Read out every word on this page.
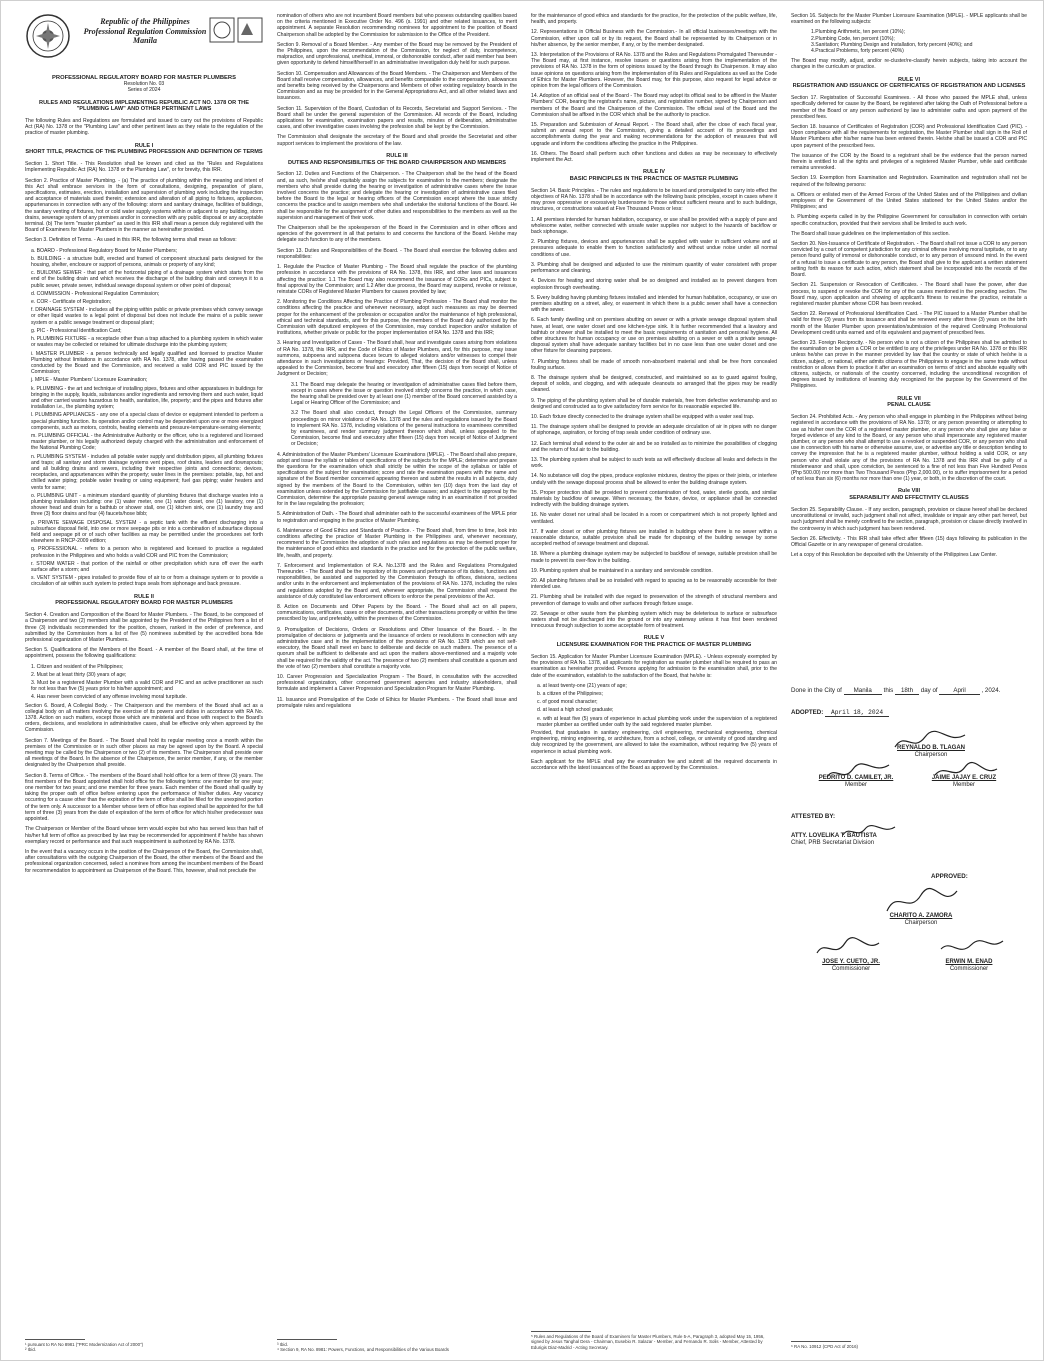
Republic of the Philippines
Professional Regulation Commission
Manila
PROFESSIONAL REGULATORY BOARD FOR MASTER PLUMBERS
Resolution No. 03
Series of 2024
RULES AND REGULATIONS IMPLEMENTING REPUBLIC ACT NO. 1378 OR THE "PLUMBING LAW" AND OTHER PERTINENT LAWS

The following Rules and Regulations are formulated and issued to carry out the provisions of Republic Act (RA) No. 1378 or the "Plumbing Law" and other pertinent laws as they relate to the regulation of the practice of master plumbing.

RULE I
SHORT TITLE, PRACTICE OF THE PLUMBING PROFESSION AND DEFINITION OF TERMS

Section 1. Short Title. - This Resolution shall be known and cited as the "Rules and Regulations Implementing Republic Act (RA) No. 1378 or the Plumbing Law", or for brevity, this IRR.

Section 2. Practice of Master Plumbing. - (a) The practice of plumbing within the meaning and intent of this Act shall embrace services in the form of consultations, designing, preparation of plans, specifications, estimates, erection, installation and supervision of plumbing work including the inspection and acceptance of materials used therein; extension and alteration of all piping to fixtures, appliances, appurtenances in connection with any of the following: storm and sanitary drainage, facilities of buildings, the sanitary venting of fixtures, hot or cold water supply systems within or adjacent to any building, storm drains, sewerage system of any premises and/or in connection with any public disposal or any acceptable terminal. (b) The term "master plumber" as used in this IRR shall mean a person duly registered with the Board of Examiners for Master Plumbers in the manner as hereinafter provided.

Section 3. Definition of Terms. - As used in this IRR, the following terms shall mean as follows:

a. BOARD - Professional Regulatory Board for Master Plumbers;
b. BUILDING - a structure built, erected and framed of component structural parts designed for the housing, shelter, enclosure or support of persons, animals or property of any kind;
c. BUILDING SEWER - that part of the horizontal piping of a drainage system which starts from the end of the building drain and which receives the discharge of the building drain and conveys it to a public sewer, private sewer, individual sewage disposal system or other point of disposal;
d. COMMISSION - Professional Regulation Commission;
e. COR - Certificate of Registration;
f. DRAINAGE SYSTEM - includes all the piping within public or private premises which convey sewage or other liquid wastes to a legal point of disposal but does not include the mains of a public sewer system or a public sewage treatment or disposal plant;
g. PIC - Professional Identification Card;
h. PLUMBING FIXTURE - a receptacle other than a trap attached to a plumbing system in which water or wastes may be collected or retained for ultimate discharge into the plumbing system;
i. MASTER PLUMBER - a person technically and legally qualified and licensed to practice Master Plumbing without limitations in accordance with RA No. 1378, after having passed the examination conducted by the Board and the Commission, and received a valid COR and PIC issued by the Commission;
j. MPLE - Master Plumbers' Licensure Examination;
k. PLUMBING - the art and technique of installing pipes, fixtures and other apparatuses in buildings for bringing in the supply, liquids, substances and/or ingredients and removing them and such water, liquid and other carried wastes hazardous to health, sanitation, life, property; and the pipes and fixtures after installation i.e., the plumbing system;
l. PLUMBING APPLIANCES - any one of a special class of device or equipment intended to perform a special plumbing function. Its operation and/or control may be dependent upon one or more energized components, such as motors, controls, heating elements and pressure-temperature-sensing elements;
m. PLUMBING OFFICIAL - the Administrative Authority or the officer, who is a registered and licensed master plumber, or his legally authorized deputy charged with the administration and enforcement of the National Plumbing Code;
n. PLUMBING SYSTEM - includes all potable water supply and distribution pipes, all plumbing fixtures and traps; all sanitary and storm drainage systems vent pipes, roof drains, leaders and downspouts; and all building drains and sewers, including their respective joints and connections; devices, receptacles, and appurtenances within the property; water lines in the premises: potable, tap, hot and chilled water piping; potable water treating or using equipment; fuel gas piping; water heaters and vents for same;
o. PLUMBING UNIT - a minimum standard quantity of plumbing fixtures that discharge wastes into a plumbing installation including: one (1) water meter, one (1) water closet, one (1) lavatory, one (1) shower head and drain for a bathtub or shower stall, one (1) kitchen sink, one (1) laundry tray and three (3) floor drains and four (4) faucets/hose bibb;
p. PRIVATE SEWAGE DISPOSAL SYSTEM - a septic tank with the effluent discharging into a subsurface disposal field, into one or more seepage pits or into a combination of subsurface disposal field and seepage pit or of such other facilities as may be permitted under the procedures set forth elsewhere in RNCP-2009 edition;
q. PROFESSIONAL - refers to a person who is registered and licensed to practice a regulated profession in the Philippines and who holds a valid COR and PIC from the Commission;
r. STORM WATER - that portion of the rainfall or other precipitation which runs off over the earth surface after a storm; and
s. VENT SYSTEM - pipes installed to provide flow of air to or from a drainage system or to provide a circulation of air within such system to protect traps seals from siphonage and back pressure.
RULE II
PROFESSIONAL REGULATORY BOARD FOR MASTER PLUMBERS

Section 4. Creation and Composition of the Board for Master Plumbers. - The Board, to be composed of a Chairperson and two (2) members shall be appointed by the President of the Philippines from a list of three (3) individuals recommended for the position, chosen, ranked in the order of preference, and submitted by the Commission from a list of five (5) nominees submitted by the accredited bona fide professional organization of Master Plumbers.

Section 5. Qualifications of the Members of the Board. - A member of the Board shall, at the time of appointment, possess the following qualifications:

1. Citizen and resident of the Philippines;
2. Must be at least thirty (30) years of age;
3. Must be a registered Master Plumber with a valid COR and PIC and an active practitioner as such for not less than five (5) years prior to his/her appointment; and
4. Has never been convicted of any offense involving moral turpitude.

Section 6. Board, A Collegial Body. - The Chairperson and the members of the Board shall act as a collegial body on all matters involving the exercise of its powers and duties in accordance with RA No. 1378. Action on such matters, except those which are ministerial and those with respect to the Board's orders, decisions, and resolutions in administrative cases, shall be effective only when approved by the Commission.

Section 7. Meetings of the Board. - The Board shall hold its regular meeting once a month within the premises of the Commission or in such other places as may be agreed upon by the Board. A special meeting may be called by the Chairperson or two (2) of its members. The Chairperson shall preside over all meetings of the Board. In the absence of the Chairperson, the senior member, if any, or the member designated by the Chairperson shall preside.

Section 8. Terms of Office. - The members of the Board shall hold office for a term of three (3) years. The first members of the Board appointed shall hold office for the following terms: one member for one year; one member for two years; and one member for three years. Each member of the Board shall qualify by taking the proper oath of office before entering upon the performance of his/her duties. Any vacancy occurring for a cause other than the expiration of the term of office shall be filled for the unexpired portion of the term only. A successor to a Member whose term of office has expired shall be appointed for the full term of three (3) years from the date of expiration of the term of office for which his/her predecessor was appointed.

The Chairperson or Member of the Board whose term would expire but who has served less than half of his/her full term of office as prescribed by law may be recommended for appointment if he/she has shown exemplary record or performance and that such reappointment is authorized by RA No. 1378.

In the event that a vacancy occurs in the position of the Chairperson of the Board, the Commission shall, after consultations with the outgoing Chairperson of the Board, the other members of the Board and the professional organization concerned, select a nominee from among the incumbent members of the Board for recommendation to appointment as Chairperson of the Board. This, however, shall not preclude the

¹ pursuant to RA No 8981 ("PRC Modernization Act of 2000")
² Ibid.

nomination of others who are not incumbent Board members but who possess outstanding qualities based on the criteria mentioned in Executive Order No. 496 (s. 1991) and other related issuances, to merit appointment. A separate Resolution recommending nominees for appointment to the position of Board Chairperson shall be adopted by the Commission for submission to the Office of the President.

Section 9. Removal of a Board Member. - Any member of the Board may be removed by the President of the Philippines, upon the recommendation of the Commission, for neglect of duty, incompetence, malpractice, and unprofessional, unethical, immoral, or dishonorable conduct, after said member has been given opportunity to defend himself/herself in an administrative investigation duly held for such purpose.

Section 10. Compensation and Allowances of the Board Members. - The Chairperson and Members of the Board shall receive compensation, allowances, and benefits comparable to the compensation, allowances and benefits being received by the Chairpersons and Members of other existing regulatory boards in the Commission and as may be provided for in the General Appropriations Act, and all other related laws and issuances.

Section 11. Supervision of the Board, Custodian of its Records, Secretariat and Support Services. - The Board shall be under the general supervision of the Commission. All records of the Board, including applications for examination, examination papers and results, minutes of deliberation, administrative cases, and other investigative cases involving the profession shall be kept by the Commission.

The Commission shall designate the secretary of the Board and shall provide the Secretariat and other support services to implement the provisions of the law.

RULE III
DUTIES AND RESPONSIBILITIES OF THE BOARD CHAIRPERSON AND MEMBERS

Section 12. Duties and Functions of the Chairperson. - The Chairperson shall be the head of the Board and, as such, he/she shall equitably assign the subjects for examination to the members; designate the members who shall preside during the hearing or investigation of administrative cases where the issue involved concerns the practice; and delegate the hearing or investigation of administrative cases filed before the Board to the legal or hearing officers of the Commission except where the issue strictly concerns the practice and to assign members who shall undertake the visitorial functions of the Board. He shall be responsible for the assignment of other duties and responsibilities to the members as well as the supervision and management of their work.

The Chairperson shall be the spokesperson of the Board in the Commission and in other offices and agencies of the government in all that pertains to and concerns the functions of the Board. He/she may delegate such function to any of the members.

Section 13. Duties and Responsibilities of the Board. - The Board shall exercise the following duties and responsibilities:

1. Regulate the Practice of Master Plumbing - The Board shall regulate the practice of the plumbing profession in accordance with the provisions of RA No. 1378, this IRR, and other laws and issuances affecting the practice: 1.1 The Board may also recommend the issuance of CORs and PICs, subject to final approval by the Commission; and 1.2 After due process, the Board may suspend, revoke or reissue, reinstate CORs of Registered Master Plumbers for causes provided by law;

2. Monitoring the Conditions Affecting the Practice of Plumbing Profession - The Board shall monitor the conditions affecting the practice and whenever necessary, adopt such measures as may be deemed proper for the enhancement of the profession or occupation and/or the maintenance of high professional, ethical and technical standards, and for this purpose, the members of the Board duly authorized by the Commission with deputized employees of the Commission, may conduct inspection and/or visitation of institutions, whether private or public for the proper implementation of RA No. 1378 and this IRR;

3. Hearing and Investigation of Cases - The Board shall, hear and investigate cases arising from violations of RA No. 1378, this IRR, and the Code of Ethics of Master Plumbers, and, for this purpose, may issue summons, subpoena and subpoena duces tecum to alleged violators and/or witnesses to compel their attendance in such investigations or hearings: Provided, That, the decision of the Board shall, unless appealed to the Commission, become final and executory after fifteen (15) days from receipt of Notice of Judgment or Decision;

3.1 The Board may delegate the hearing or investigation of administrative cases filed before them, except in cases where the issue or question involved strictly concerns the practice, in which case, the hearing shall be presided over by at least one (1) member of the Board concerned assisted by a Legal or Hearing Officer of the Commission; and

3.2 The Board shall also conduct, through the Legal Officers of the Commission, summary proceedings on minor violations of RA No. 1378 and the rules and regulations issued by the Board to implement RA No. 1378, including violations of the general instructions to examinees committed by examinees, and render summary judgment thereon which shall, unless appealed to the Commission, become final and executory after fifteen (15) days from receipt of Notice of Judgment or Decision;

4. Administration of the Master Plumbers' Licensure Examinations (MPLE). - The Board shall also prepare, adopt and issue the syllabi or tables of specifications of the subjects for the MPLE; determine and prepare the questions for the examination which shall strictly be within the scope of the syllabus or table of specifications of the subject for examination; score and rate the examination papers with the name and signature of the Board member concerned appearing thereon and submit the results in all subjects, duly signed by the members of the Board to the Commission, within ten (10) days from the last day of examination unless extended by the Commission for justifiable causes; and subject to the approval by the Commission, determine the appropriate passing general average rating in an examination if not provided for in the law regulating the profession;

5. Administration of Oath. - The Board shall administer oath to the successful examinees of the MPLE prior to registration and engaging in the practice of Master Plumbing.

6. Maintenance of Good Ethics and Standards of Practice. - The Board shall, from time to time, look into conditions affecting the practice of Master Plumbing in the Philippines and, whenever necessary, recommend to the Commission the adoption of such rules and regulations as may be deemed proper for the maintenance of good ethics and standards in the practice and for the protection of the public welfare, life, health, and property.

7. Enforcement and Implementation of R.A. No.1378 and the Rules and Regulations Promulgated Thereunder. - The Board shall be the repository of its powers and performance of its duties, functions and responsibilities, be assisted and supported by the Commission through its offices, divisions, sections and/or units in the enforcement and implementation of the provisions of RA No. 1378, including the rules and regulations adopted by the Board and, whenever appropriate, the Commission shall request the assistance of duly constituted law enforcement officers to enforce the penal provisions of the Act.

8. Action on Documents and Other Papers by the Board. - The Board shall act on all papers, communications, certificates, cases or other documents, and other transactions promptly or within the time prescribed by law, and preferably, within the premises of the Commission.

9. Promulgation of Decisions, Orders or Resolutions and Other Issuance of the Board. - In the promulgation of decisions or judgments and the issuance of orders or resolutions in connection with any administrative case and in the implementation of the provisions of RA No. 1378 which are not self-executory, the Board shall meet en banc to deliberate and decide on such matters. The presence of a quorum shall be sufficient to deliberate and act upon the matters above-mentioned and a majority vote shall be required for the validity of the act. The presence of two (2) members shall constitute a quorum and the vote of two (2) members shall constitute a majority vote.

10. Career Progression and Specialization Program - The Board, in consultation with the accredited professional organization, other concerned government agencies and industry stakeholders, shall formulate and implement a Career Progression and Specialization Program for Master Plumbing.

11. Issuance and Promulgation of the Code of Ethics for Master Plumbers. - The Board shall issue and promulgate rules and regulations

³ Ibid.
⁴ Section 9, RA No. 8981: Powers, Functions, and Responsibilities of the Various Boards

for the maintenance of good ethics and standards for the practice, for the protection of the public welfare, life, health, and property.

12. Representations in Official Business with the Commission.- In all official businesses/meetings with the Commission, either upon call or by its request, the Board shall be represented by its Chairperson or in his/her absence, by the senior member, if any, or by the member designated.

13. Interpretation of the Provisions of RA No. 1378 and the Rules and Regulations Promulgated Thereunder - The Board may, at first instance, resolve issues or questions arising from the implementation of the provisions of RA No. 1378 in the form of opinions issued by the Board through its Chairperson. It may also issue opinions on questions arising from the implementation of its Rules and Regulations as well as the Code of Ethics for Master Plumbers. However, the Board may, for this purpose, also request for legal advice or opinion from the legal officers of the Commission.

14. Adoption of an official seal of the Board - The Board may adopt its official seal to be affixed in the Master Plumbers' COR, bearing the registrant's name, picture, and registration number, signed by Chairperson and members of the Board and the Chairperson of the Commission. The official seal of the Board and the Commission shall be affixed in the COR which shall be the authority to practice.

15. Preparation and Submission of Annual Report. - The Board shall, after the close of each fiscal year, submit an annual report to the Commission, giving a detailed account of its proceedings and accomplishments during the year and making recommendations for the adoption of measures that will upgrade and inform the conditions affecting the practice in the Philippines.

16. Others. The Board shall perform such other functions and duties as may be necessary to effectively implement the Act.

RULE IV
BASIC PRINCIPLES IN THE PRACTICE OF MASTER PLUMBING

Section 14. Basic Principles. - The rules and regulations to be issued and promulgated to carry into effect the objectives of RA No. 1378 shall be in accordance with the following basic principles, except in cases where it may prove oppressive or excessively burdensome to those without sufficient means and to such buildings, structures, or constructions valued at Five Thousand Pesos or less:

1. All premises intended for human habitation, occupancy, or use shall be provided with a supply of pure and wholesome water, neither connected with unsafe water supplies nor subject to the hazards of backflow or back siphonage.

2. Plumbing fixtures, devices and appurtenances shall be supplied with water in sufficient volume and at pressures adequate to enable them to function satisfactorily and without undue noise under all normal conditions of use.

3. Plumbing shall be designed and adjusted to use the minimum quantity of water consistent with proper performance and cleaning.

4. Devices for heating and storing water shall be so designed and installed as to prevent dangers from explosion through overheating.

5. Every building having plumbing fixtures installed and intended for human habitation, occupancy, or use on premises abutting on a street, alley, or easement in which there is a public sewer shall have a connection with the sewer.

6. Each family dwelling unit on premises abutting on sewer or with a private sewage disposal system shall have, at least, one water closet and one kitchen-type sink. It is further recommended that a lavatory and bathtub or shower shall be installed to meet the basic requirements of sanitation and personal hygiene. All other structures for human occupancy or use on premises abutting on a sewer or with a private sewage-disposal system shall have adequate sanitary facilities but in no case less than one water closet and one other fixture for cleansing purposes.

7. Plumbing fixtures shall be made of smooth non-absorbent material and shall be free from concealed fouling surface.

8. The drainage system shall be designed, constructed, and maintained so as to guard against fouling, deposit of solids, and clogging, and with adequate cleanouts so arranged that the pipes may be readily cleaned.

9. The piping of the plumbing system shall be of durable materials, free from defective workmanship and so designed and constructed as to give satisfactory form service for its reasonable expected life.

10. Each fixture directly connected to the drainage system shall be equipped with a water seal trap.

11. The drainage system shall be designed to provide an adequate circulation of air in pipes with no danger of siphonage, aspiration, or forcing of trap seals under condition of ordinary use.

12. Each terminal shall extend to the outer air and be so installed as to minimize the possibilities of clogging and the return of foul air to the building.

13. The plumbing system shall be subject to such tests as will effectively disclose all leaks and defects in the work.

14. No substance will clog the pipes, produce explosive mixtures, destroy the pipes or their joints, or interfere unduly with the sewage disposal process shall be allowed to enter the building drainage system.

15. Proper protection shall be provided to prevent contamination of food, water, sterile goods, and similar materials by backflow of sewage. When necessary, the fixture, device, or appliance shall be connected indirectly with the building drainage system.

16. No water closet nor urinal shall be located in a room or compartment which is not properly lighted and ventilated.

17. If water closet or other plumbing fixtures are installed in buildings where there is no sewer within a reasonable distance, suitable provision shall be made for disposing of the building sewage by some accepted method of sewage treatment and disposal.

18. Where a plumbing drainage system may be subjected to backflow of sewage, suitable provision shall be made to prevent its over-flow in the building.

19. Plumbing system shall be maintained in a sanitary and serviceable condition.

20. All plumbing fixtures shall be so installed with regard to spacing as to be reasonably accessible for their intended use.

21. Plumbing shall be installed with due regard to preservation of the strength of structural members and prevention of damage to walls and other surfaces through fixture usage.

22. Sewage or other waste from the plumbing system which may be deleterious to surface or subsurface waters shall not be discharged into the ground or into any waterway unless it has first been rendered innocuous through subjection to some acceptable form of treatment.

RULE V
LICENSURE EXAMINATION FOR THE PRACTICE OF MASTER PLUMBING

Section 15. Application for Master Plumber Licensure Examination (MPLE). - Unless expressly exempted by the provisions of RA No. 1378, all applicants for registration as master plumber shall be required to pass an examination as hereinafter provided. Persons applying for admission to the examination shall, prior to the date of the examination, establish to the satisfaction of the Board, that he/she is:

a. at least twenty-one (21) years of age;
b. a citizen of the Philippines;
c. of good moral character;
d. at least a high school graduate;
e. with at least five (5) years of experience in actual plumbing work under the supervision of a registered master plumber as certified under oath by the said registered master plumber.

Provided, that graduates in sanitary engineering, civil engineering, mechanical engineering, chemical engineering, mining engineering, or architecture, from a school, college, or university of good standing and duly recognized by the government, are allowed to take the examination, without requiring five (5) years of experience in actual plumbing work.

Each applicant for the MPLE shall pay the examination fee and submit all the required documents in accordance with the latest issuances of the Board as approved by the Commission.

⁵ Rules and Regulations of the Board of Examiners for Master Plumbers, Rule 5-A, Paragraph 3, adopted May 15, 1956, signed by Jesus Tanghal Dera - Chairman, Eusebio R. Salazar - Member, and Fernando R. Solis - Member, Attested by Edurigis Diaz-Madrid - Acting Secretary.

Section 16. Subjects for the Master Plumber Licensure Examination (MPLE). - MPLE applicants shall be examined on the following subjects:

1.Plumbing Arithmetic, ten percent (10%);
2.Plumbing Code, ten percent (10%);
3.Sanitation; Plumbing Design and Installation, forty percent (40%); and
4.Practical Problems, forty percent (40%)

The Board may modify, adjust, and/or re-cluster/re-classify herein subjects, taking into account the changes in the curriculum or practice.

RULE VI
REGISTRATION AND ISSUANCE OF CERTIFICATES OF REGISTRATION AND LICENSES

Section 17. Registration of Successful Examinees. - All those who passed the MPLE shall, unless specifically deferred for cause by the Board, be registered after taking the Oath of Professional before a member of the Board or any person authorized by law to administer oaths and upon payment of the prescribed fees.

Section 18. Issuance of Certificates of Registration (COR) and Professional Identification Card (PIC). - Upon compliance with all the requirements for registration, the Master Plumber shall sign in the Roll of Master Plumbers after his/her name has been entered therein. He/she shall be issued a COR and PIC upon payment of the prescribed fees.

The issuance of the COR by the Board to a registrant shall be the evidence that the person named therein is entitled to all the rights and privileges of a registered Master Plumber, while said certificate remains unrevoked.

Section 19. Exemption from Examination and Registration. Examination and registration shall not be required of the following persons:

a. Officers or enlisted men of the Armed Forces of the United States and of the Philippines and civilian employees of the Government of the United States stationed for the United States and/or the Philippines; and

b. Plumbing experts called in by the Philippine Government for consultation in connection with certain specific construction, provided that their services shall be limited to such work.

The Board shall issue guidelines on the implementation of this section.

Section 20. Non-Issuance of Certificate of Registration. - The Board shall not issue a COR to any person convicted by a court of competent jurisdiction for any criminal offense involving moral turpitude, or to any person found guilty of immoral or dishonorable conduct, or to any person of unsound mind. In the event of a refusal to issue a certificate to any person, the Board shall give to the applicant a written statement setting forth its reason for such action, which statement shall be incorporated into the records of the Board.

Section 21. Suspension or Revocation of Certificates. - The Board shall have the power, after due process, to suspend or revoke the COR for any of the causes mentioned in the preceding section. The Board may, upon application and showing of applicant's fitness to resume the practice, reinstate a registered master plumber whose COR has been revoked.

Section 22. Renewal of Professional Identification Card. - The PIC issued to a Master Plumber shall be valid for three (3) years from its issuance and shall be renewed every after three (3) years on the birth month of the Master Plumber upon presentation/submission of the required Continuing Professional Development credit units earned and of its equivalent and payment of prescribed fees.

Section 23. Foreign Reciprocity. - No person who is not a citizen of the Philippines shall be admitted to the examination or be given a COR or be entitled to any of the privileges under RA No. 1378 or this IRR unless he/she can prove in the manner provided by law that the country or state of which he/she is a citizen, subject, or national, either admits citizens of the Philippines to engage in the same trade without restriction or allows them to practice it after an examination on terms of strict and absolute equality with citizens, subjects, or nationals of the country concerned, including the unconditional recognition of degrees issued by institutions of learning duly recognized for the purpose by the Government of the Philippines.

RULE VII
PENAL CLAUSE

Section 24. Prohibited Acts. - Any person who shall engage in plumbing in the Philippines without being registered in accordance with the provisions of RA No. 1378; or any person presenting or attempting to use as his/her own the COR of a registered master plumber, or any person who shall give any false or forged evidence of any kind to the Board, or any person who shall impersonate any registered master plumber, or any person who shall attempt to use a revoked or suspended COR, or any person who shall use in connection with his name or otherwise assume, use, or advertise any title or description tending to convey the impression that he is a registered master plumber, without holding a valid COR, or any person who shall violate any of the provisions of RA No. 1378 and this IRR shall be guilty of a misdemeanor and shall, upon conviction, be sentenced to a fine of not less than Five Hundred Pesos (Php 500.00) nor more than Two Thousand Pesos (Php 2,000.00), or to suffer imprisonment for a period of not less than six (6) months nor more than one (1) year, or both, in the discretion of the court.

Rule VIII
SEPARABILITY AND EFFECTIVITY CLAUSES

Section 25. Separability Clause. - If any section, paragraph, provision or clause hereof shall be declared unconstitutional or invalid, such judgment shall not affect, invalidate or impair any other part hereof, but such judgment shall be merely confined to the section, paragraph, provision or clause directly involved in the controversy in which such judgment has been rendered.

Section 26. Effectivity. - This IRR shall take effect after fifteen (15) days following its publication in the Official Gazette or in any newspaper of general circulation.

Let a copy of this Resolution be deposited with the University of the Philippines Law Center.

Done in the City of Manila this 18th day of	April	, 2024.
ADOPTED: April 18, 2024
REYNALDO B. TLAGAN
Chairperson
PEDRITO D. CAMILET, JR.
Member
JAIME JAJAY E. CRUZ
Member
ATTESTED BY:
ATTY. LOVELIKA T. BAUTISTA
Chief, PRB Secretariat Division
APPROVED:
CHARITO A. ZAMORA
Chairperson
JOSE Y. CUETO, JR.
Commissioner
ERWIN M. ENAD
Commissioner
⁶ RA No. 10912 (CPD Act of 2016)
